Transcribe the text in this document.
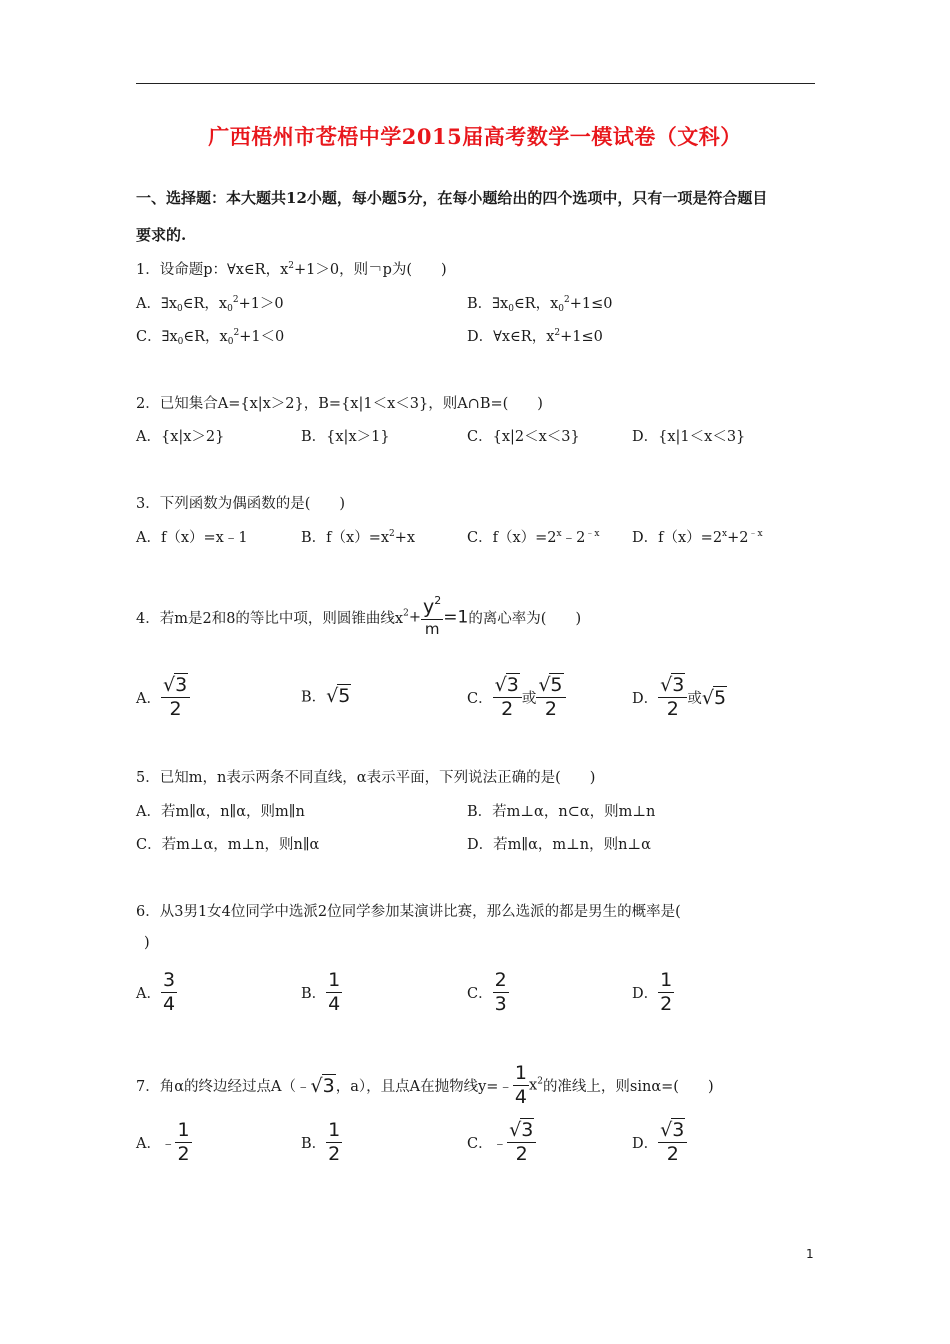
广西梧州市苍梧中学2015届高考数学一模试卷（文科）
一、选择题：本大题共12小题，每小题5分，在每小题给出的四个选项中，只有一项是符合题目
要求的.
1．设命题p：∀x∈R，$x^2+1>0$，则￢p为(　　)
A．$\exists x_0\in R$，$x_0^2+1>0$	B．$\exists x_0\in R$，$x_0^2+1\le 0$
C．$\exists x_0\in R$，$x_0^2+1<0$	D．∀x∈R，$x^2+1\le 0$
2．已知集合A={x|x＞2}，B={x|1＜x＜3}，则A∩B=(　　)
A．{x|x＞2}	B．{x|x＞1}	C．{x|2＜x＜3}	D．{x|1＜x＜3}
3．下列函数为偶函数的是(　　)
A．f（x）=x﹣1	B．$f(x)=x^2+x$	C．$f(x)=2^x﹣2^{﹣x}$ D．$f(x)=2^x+2^{﹣x}$
4．若m是2和8的等比中项，则圆锥曲线$x^2+ \frac{y^2}{m} =1$的离心率为(　　)
A． $\frac{√3}{2}$	B．√5	C． $\frac{√3}{2}$ 或 $\frac{√5}{2}$	D． $\frac{√3}{2}$ 或√5
5．已知m，n表示两条不同直线，α表示平面，下列说法正确的是(　　)
A．若m∥α，n∥α，则m∥n	B．若m⊥α，n⊂α，则m⊥n
C．若m⊥α，m⊥n，则n∥α	D．若m∥α，m⊥n，则n⊥α
6．从3男1女4位同学中选派2位同学参加某演讲比赛，那么选派的都是男生的概率是(
)
A． $\frac{3}{4}$	B． $\frac{1}{4}$	C． $\frac{2}{3}$	D． $\frac{1}{2}$
7．角α的终边经过点A（﹣√3，a），且点A在抛物线y=﹣ $\frac{1}{4} x^2$的准线上，则sinα=(　　)
A．﹣ $\frac{1}{2}$	B． $\frac{1}{2}$	C．﹣ $\frac{√3}{2}$	D． $\frac{√3}{2}$
1
